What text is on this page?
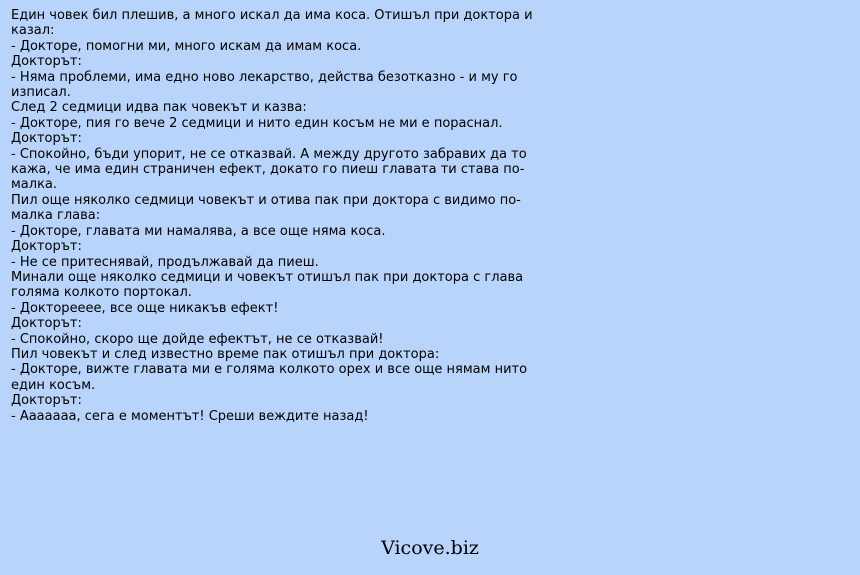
Един човек бил плешив, а много искал да има коса. Отишъл при доктора и казал:
- Докторе, помогни ми, много искам да имам коса.
Докторът:
- Няма проблеми, има едно ново лекарство, действа безотказно - и му го изписал.
След 2 седмици идва пак човекът и казва:
- Докторе, пия го вече 2 седмици и нито един косъм не ми е пораснал.
Докторът:
- Спокойно, бъди упорит, не се отказвай. А между другото забравих да то кажа, че има един страничен ефект, докато го пиеш главата ти става по-малка.
Пил още няколко седмици човекът и отива пак при доктора с видимо по-малка глава:
- Докторе, главата ми намалява, а все още няма коса.
Докторът:
- Не се притеснявай, продължавай да пиеш.
Минали още няколко седмици и човекът отишъл пак при доктора с глава голяма колкото портокал.
- Доктореееe, все още никакъв ефект!
Докторът:
- Спокойно, скоро ще дойде ефектът, не се отказвай!
Пил човекът и след известно време пак отишъл при доктора:
- Докторе, вижте главата ми е голяма колкото орех и все още нямам нито един косъм.
Докторът:
- Ааааааа, сега е моментът! Среши веждите назад!
Vicove.biz
